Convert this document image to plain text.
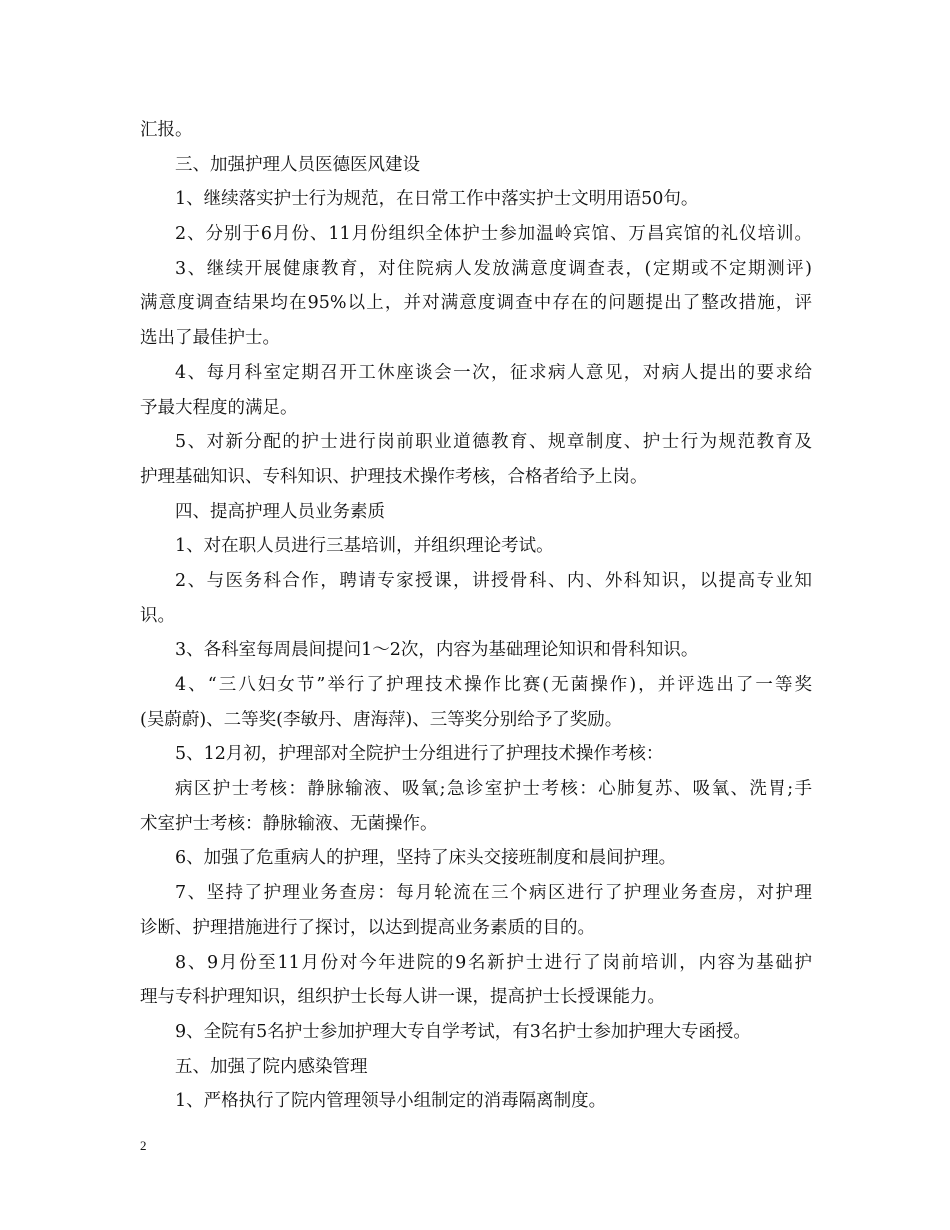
汇报。
三、加强护理人员医德医风建设
1、继续落实护士行为规范，在日常工作中落实护士文明用语50句。
2、分别于6月份、11月份组织全体护士参加温岭宾馆、万昌宾馆的礼仪培训。
3、继续开展健康教育，对住院病人发放满意度调查表，(定期或不定期测评)
满意度调查结果均在95%以上，并对满意度调查中存在的问题提出了整改措施，评
选出了最佳护士。
4、每月科室定期召开工休座谈会一次，征求病人意见，对病人提出的要求给
予最大程度的满足。
5、对新分配的护士进行岗前职业道德教育、规章制度、护士行为规范教育及
护理基础知识、专科知识、护理技术操作考核，合格者给予上岗。
四、提高护理人员业务素质
1、对在职人员进行三基培训，并组织理论考试。
2、与医务科合作，聘请专家授课，讲授骨科、内、外科知识，以提高专业知
识。
3、各科室每周晨间提问1～2次，内容为基础理论知识和骨科知识。
4、“三八妇女节”举行了护理技术操作比赛(无菌操作)，并评选出了一等奖
(吴蔚蔚)、二等奖(李敏丹、唐海萍)、三等奖分别给予了奖励。
5、12月初，护理部对全院护士分组进行了护理技术操作考核：
病区护士考核：静脉输液、吸氧;急诊室护士考核：心肺复苏、吸氧、洗胃;手
术室护士考核：静脉输液、无菌操作。
6、加强了危重病人的护理，坚持了床头交接班制度和晨间护理。
7、坚持了护理业务查房：每月轮流在三个病区进行了护理业务查房，对护理
诊断、护理措施进行了探讨，以达到提高业务素质的目的。
8、9月份至11月份对今年进院的9名新护士进行了岗前培训，内容为基础护
理与专科护理知识，组织护士长每人讲一课，提高护士长授课能力。
9、全院有5名护士参加护理大专自学考试，有3名护士参加护理大专函授。
五、加强了院内感染管理
1、严格执行了院内管理领导小组制定的消毒隔离制度。
2
